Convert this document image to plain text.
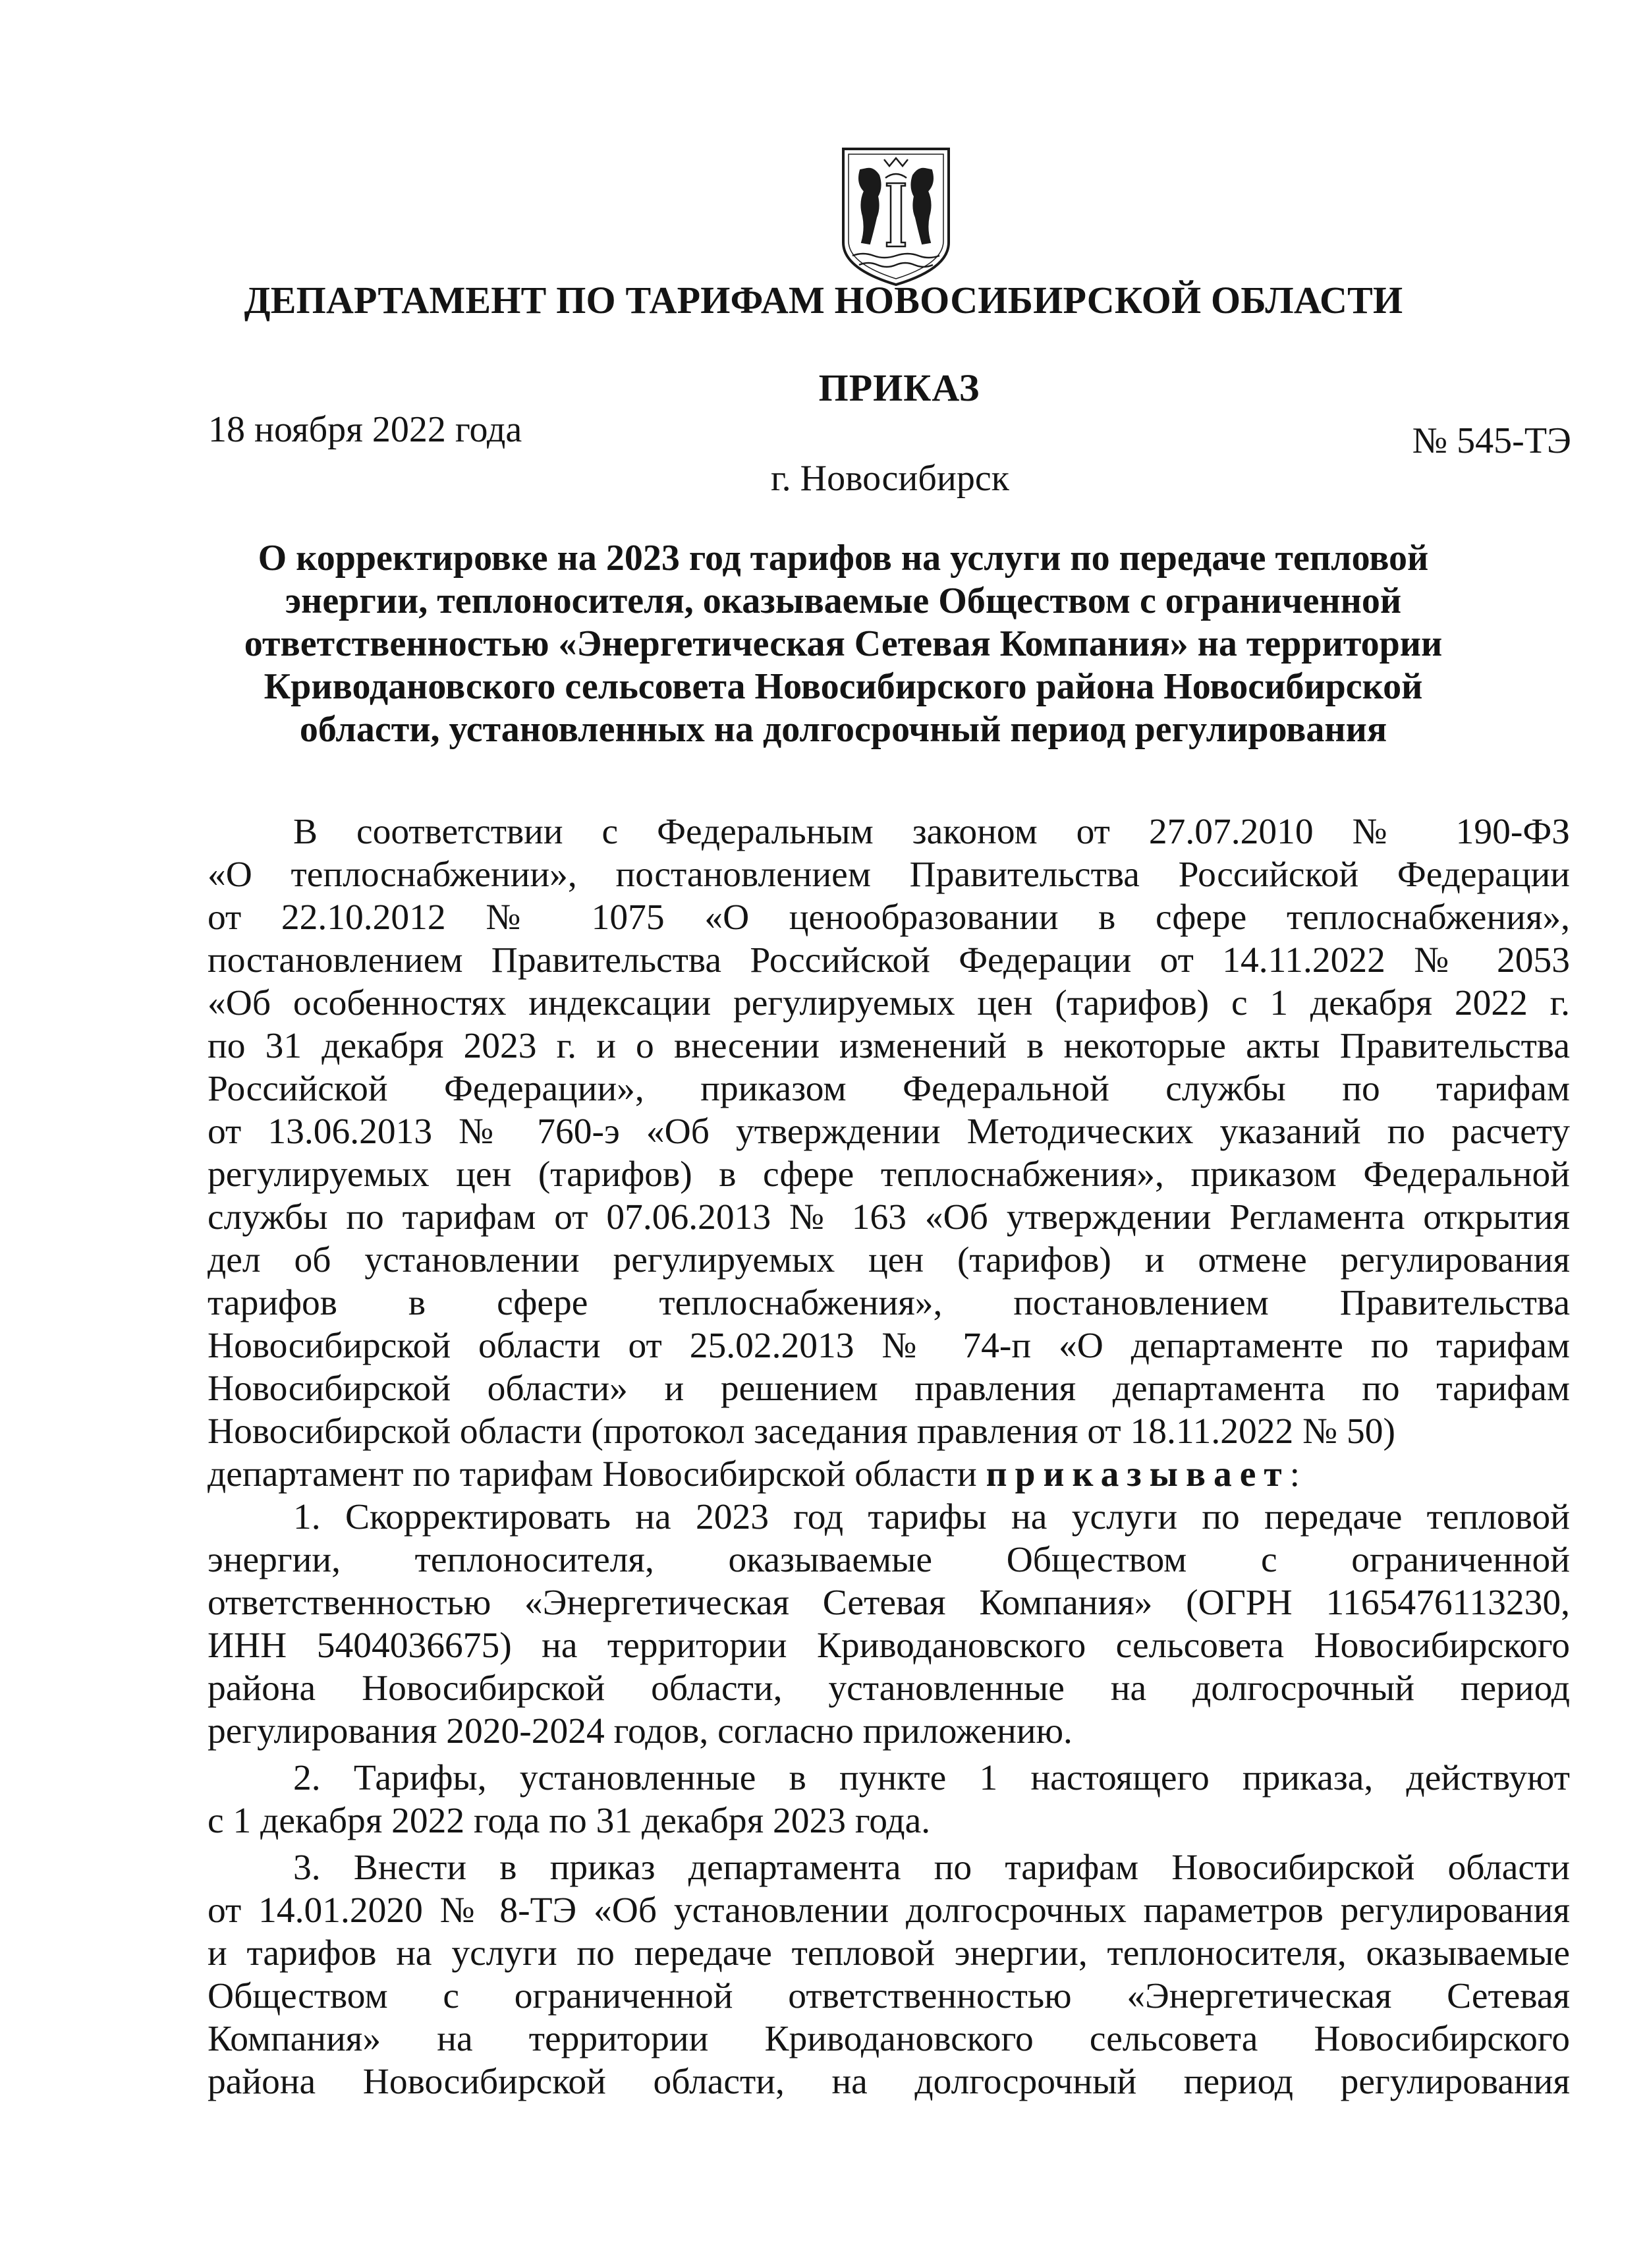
ДЕПАРТАМЕНТ ПО ТАРИФАМ НОВОСИБИРСКОЙ ОБЛАСТИ
ПРИКАЗ
18 ноября 2022 года	№ 545-ТЭ
г. Новосибирск
О корректировке на 2023 год тарифов на услуги по передаче тепловой
энергии, теплоносителя, оказываемые Обществом с ограниченной
ответственностью «Энергетическая Сетевая Компания» на территории
Криводановского сельсовета Новосибирского района Новосибирской
области, установленных на долгосрочный период регулирования
В соответствии с Федеральным законом от 27.07.2010 № 190-ФЗ
«О теплоснабжении», постановлением Правительства Российской Федерации
от 22.10.2012 № 1075 «О ценообразовании в сфере теплоснабжения»,
постановлением Правительства Российской Федерации от 14.11.2022 № 2053
«Об особенностях индексации регулируемых цен (тарифов) с 1 декабря 2022 г.
по 31 декабря 2023 г. и о внесении изменений в некоторые акты Правительства
Российской Федерации», приказом Федеральной службы по тарифам
от 13.06.2013 № 760-э «Об утверждении Методических указаний по расчету
регулируемых цен (тарифов) в сфере теплоснабжения», приказом Федеральной
службы по тарифам от 07.06.2013 № 163 «Об утверждении Регламента открытия
дел об установлении регулируемых цен (тарифов) и отмене регулирования
тарифов в сфере теплоснабжения», постановлением Правительства
Новосибирской области от 25.02.2013 № 74-п «О департаменте по тарифам
Новосибирской области» и решением правления департамента по тарифам
Новосибирской области (протокол заседания правления от 18.11.2022 № 50)
департамент по тарифам Новосибирской области приказывает:
1. Скорректировать на 2023 год тарифы на услуги по передаче тепловой
энергии, теплоносителя, оказываемые Обществом с ограниченной
ответственностью «Энергетическая Сетевая Компания» (ОГРН 1165476113230,
ИНН 5404036675) на территории Криводановского сельсовета Новосибирского
района Новосибирской области, установленные на долгосрочный период
регулирования 2020-2024 годов, согласно приложению.
2. Тарифы, установленные в пункте 1 настоящего приказа, действуют
с 1 декабря 2022 года по 31 декабря 2023 года.
3. Внести в приказ департамента по тарифам Новосибирской области
от 14.01.2020 № 8-ТЭ «Об установлении долгосрочных параметров регулирования
и тарифов на услуги по передаче тепловой энергии, теплоносителя, оказываемые
Обществом с ограниченной ответственностью «Энергетическая Сетевая
Компания» на территории Криводановского сельсовета Новосибирского
района Новосибирской области, на долгосрочный период регулирования
